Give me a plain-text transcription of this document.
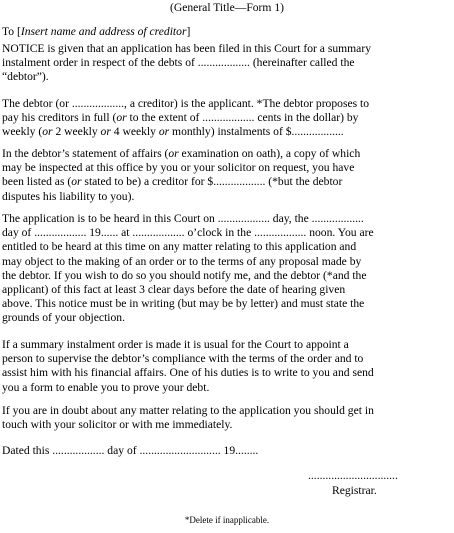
(General Title—Form 1)

To [Insert name and address of creditor]

NOTICE is given that an application has been filed in this Court for a summary
instalment order in respect of the debts of .................. (hereinafter called the
“debtor”).

The debtor (or .................., a creditor) is the applicant. *The debtor proposes to
pay his creditors in full (or to the extent of .................. cents in the dollar) by
weekly (or 2 weekly or 4 weekly or monthly) instalments of $..................

In the debtor’s statement of affairs (or examination on oath), a copy of which
may be inspected at this office by you or your solicitor on request, you have
been listed as (or stated to be) a creditor for $.................. (*but the debtor
disputes his liability to you).

The application is to be heard in this Court on .................. day, the ..................
day of .................. 19...... at .................. o’clock in the .................. noon. You are
entitled to be heard at this time on any matter relating to this application and
may object to the making of an order or to the terms of any proposal made by
the debtor. If you wish to do so you should notify me, and the debtor (*and the
applicant) of this fact at least 3 clear days before the date of hearing given
above. This notice must be in writing (but may be by letter) and must state the
grounds of your objection.

If a summary instalment order is made it is usual for the Court to appoint a
person to supervise the debtor’s compliance with the terms of the order and to
assist him with his financial affairs. One of his duties is to write to you and send
you a form to enable you to prove your debt.

If you are in doubt about any matter relating to the application you should get in
touch with your solicitor or with me immediately.

Dated this .................. day of ............................ 19........

...............................

Registrar.

*Delete if inapplicable.
